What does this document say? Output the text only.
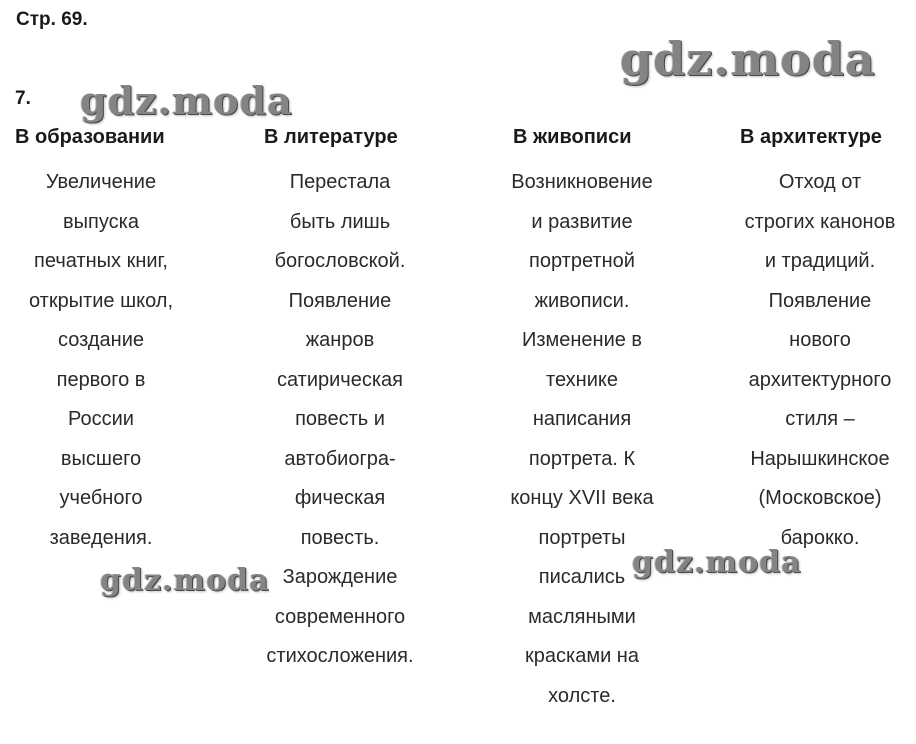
Стр. 69.
7.
В образовании
Увеличение
выпуска
печатных книг,
открытие школ,
создание
первого в
России
высшего
учебного
заведения.
В литературе
Перестала
быть лишь
богословской.
Появление
жанров
сатирическая
повесть и
автобиогра-
фическая
повесть.
Зарождение
современного
стихосложения.
В живописи
Возникновение
и развитие
портретной
живописи.
Изменение в
технике
написания
портрета. К
концу XVII века
портреты
писались
масляными
красками на
холсте.
В архитектуре
Отход от
строгих канонов
и традиций.
Появление
нового
архитектурного
стиля –
Нарышкинское
(Московское)
барокко.
gdz.moda
gdz.moda
gdz.moda
gdz.moda
